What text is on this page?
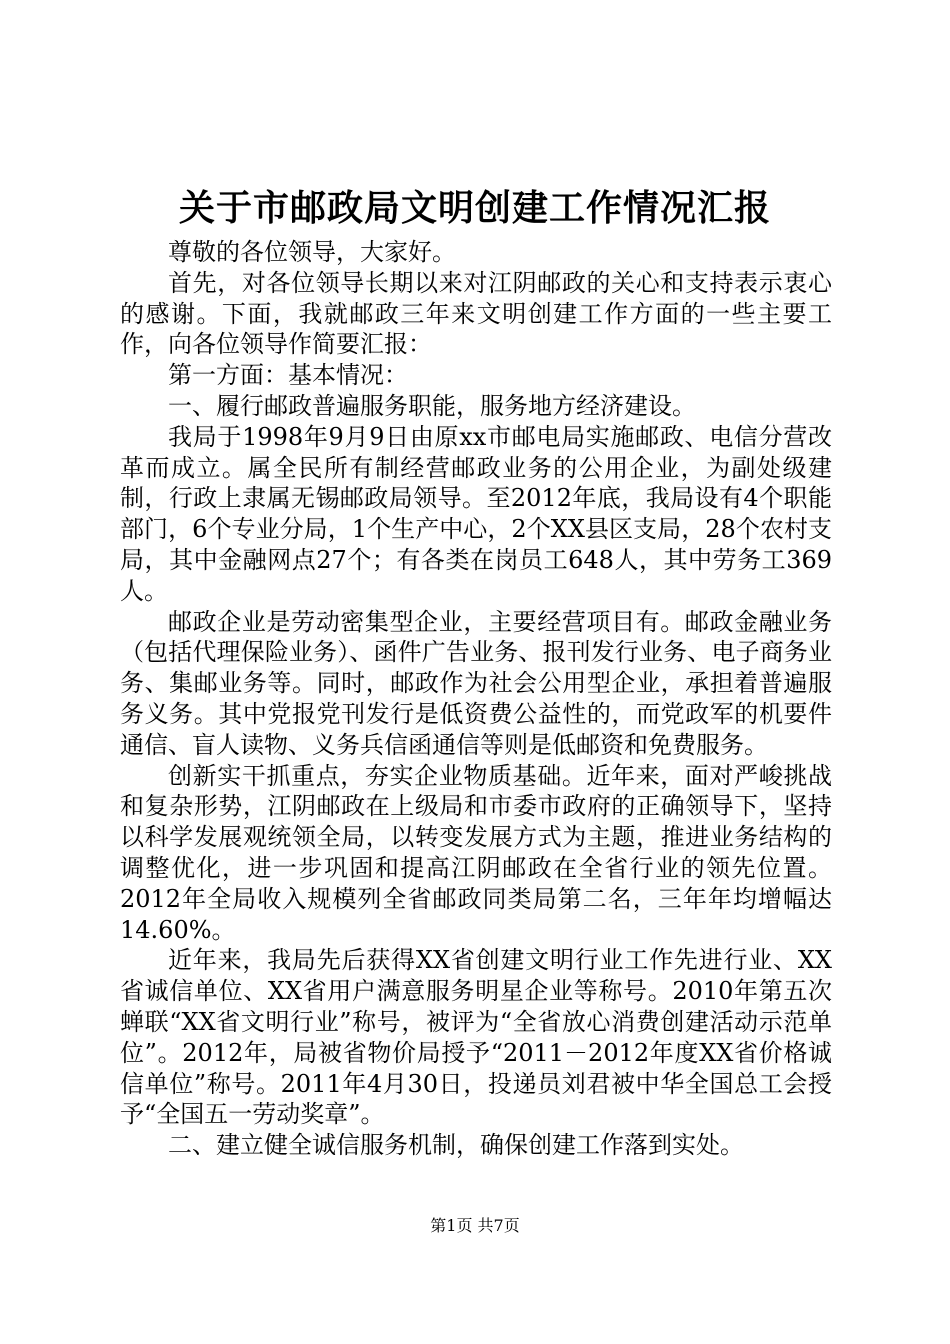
关于市邮政局文明创建工作情况汇报

尊敬的各位领导，大家好。

首先，对各位领导长期以来对江阴邮政的关心和支持表示衷心的感谢。下面，我就邮政三年来文明创建工作方面的一些主要工作，向各位领导作简要汇报：

第一方面：基本情况：

一、履行邮政普遍服务职能，服务地方经济建设。

我局于1998年9月9日由原xx市邮电局实施邮政、电信分营改革而成立。属全民所有制经营邮政业务的公用企业，为副处级建制，行政上隶属无锡邮政局领导。至2012年底，我局设有4个职能部门，6个专业分局，1个生产中心，2个XX县区支局，28个农村支局，其中金融网点27个；有各类在岗员工648人，其中劳务工369人。

邮政企业是劳动密集型企业，主要经营项目有。邮政金融业务（包括代理保险业务）、函件广告业务、报刊发行业务、电子商务业务、集邮业务等。同时，邮政作为社会公用型企业，承担着普遍服务义务。其中党报党刊发行是低资费公益性的，而党政军的机要件通信、盲人读物、义务兵信函通信等则是低邮资和免费服务。

创新实干抓重点，夯实企业物质基础。近年来，面对严峻挑战和复杂形势，江阴邮政在上级局和市委市政府的正确领导下，坚持以科学发展观统领全局，以转变发展方式为主题，推进业务结构的调整优化，进一步巩固和提高江阴邮政在全省行业的领先位置。2012年全局收入规模列全省邮政同类局第二名，三年年均增幅达14.60%。

近年来，我局先后获得XX省创建文明行业工作先进行业、XX省诚信单位、XX省用户满意服务明星企业等称号。2010年第五次蝉联“XX省文明行业”称号，被评为“全省放心消费创建活动示范单位”。2012年，局被省物价局授予“2011－2012年度XX省价格诚信单位”称号。2011年4月30日，投递员刘君被中华全国总工会授予“全国五一劳动奖章”。

二、建立健全诚信服务机制，确保创建工作落到实处。

第1页 共7页
